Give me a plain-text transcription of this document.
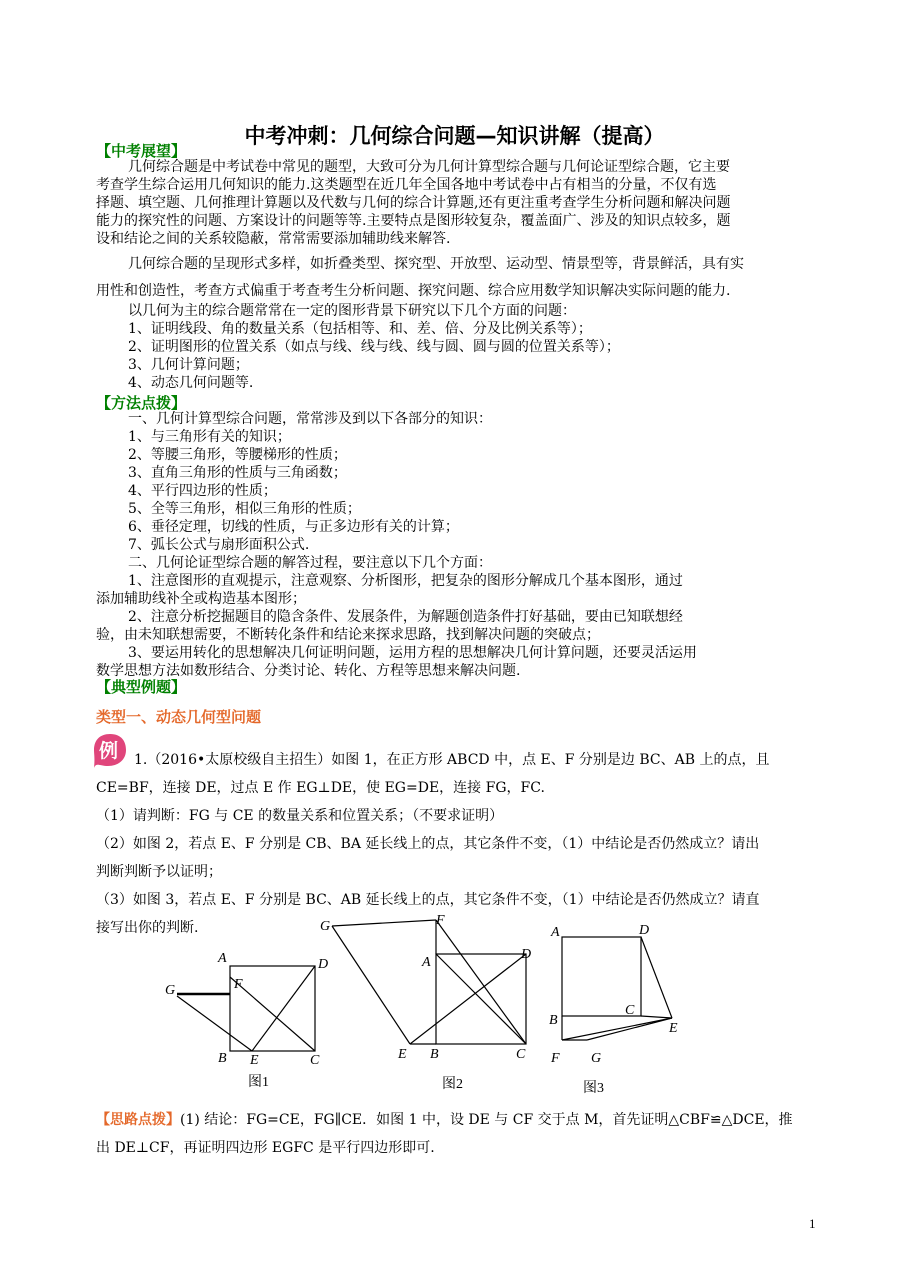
中考冲刺：几何综合问题—知识讲解（提高）
【中考展望】
几何综合题是中考试卷中常见的题型，大致可分为几何计算型综合题与几何论证型综合题，它主要
考查学生综合运用几何知识的能力.这类题型在近几年全国各地中考试卷中占有相当的分量，不仅有选
择题、填空题、几何推理计算题以及代数与几何的综合计算题,还有更注重考查学生分析问题和解决问题
能力的探究性的问题、方案设计的问题等等.主要特点是图形较复杂，覆盖面广、涉及的知识点较多，题
设和结论之间的关系较隐蔽，常常需要添加辅助线来解答.
几何综合题的呈现形式多样，如折叠类型、探究型、开放型、运动型、情景型等，背景鲜活，具有实
用性和创造性，考查方式偏重于考查考生分析问题、探究问题、综合应用数学知识解决实际问题的能力.
以几何为主的综合题常常在一定的图形背景下研究以下几个方面的问题：
1、证明线段、角的数量关系（包括相等、和、差、倍、分及比例关系等）；
2、证明图形的位置关系（如点与线、线与线、线与圆、圆与圆的位置关系等）；
3、几何计算问题；
4、动态几何问题等.
【方法点拨】
一、几何计算型综合问题，常常涉及到以下各部分的知识：
1、与三角形有关的知识；
2、等腰三角形，等腰梯形的性质；
3、直角三角形的性质与三角函数；
4、平行四边形的性质；
5、全等三角形，相似三角形的性质；
6、垂径定理，切线的性质，与正多边形有关的计算；
7、弧长公式与扇形面积公式.
二、几何论证型综合题的解答过程，要注意以下几个方面：
1、注意图形的直观提示，注意观察、分析图形，把复杂的图形分解成几个基本图形，通过
添加辅助线补全或构造基本图形；
2、注意分析挖掘题目的隐含条件、发展条件，为解题创造条件打好基础，要由已知联想经
验，由未知联想需要，不断转化条件和结论来探求思路，找到解决问题的突破点；
3、要运用转化的思想解决几何证明问题，运用方程的思想解决几何计算问题，还要灵活运用
数学思想方法如数形结合、分类讨论、转化、方程等思想来解决问题.
【典型例题】
类型一、动态几何型问题
例 1.（2016•太原校级自主招生）如图 1，在正方形 ABCD 中，点 E、F 分别是边 BC、AB 上的点，且
CE=BF，连接 DE，过点 E 作 EG⊥DE，使 EG=DE，连接 FG，FC.
（1）请判断：FG 与 CE 的数量关系和位置关系；（不要求证明）
（2）如图 2，若点 E、F 分别是 CB、BA 延长线上的点，其它条件不变，（1）中结论是否仍然成立？请出
判断判断予以证明；
（3）如图 3，若点 E、F 分别是 BC、AB 延长线上的点，其它条件不变，（1）中结论是否仍然成立？请直
接写出你的判断.
A	D
F
G
B E	C
图1
G	F
A
D
E B	C
图2
A	D
C
B
E
F G
图3
【思路点拨】(1) 结论：FG=CE，FG∥CE．如图 1 中，设 DE 与 CF 交于点 M，首先证明△CBF≌△DCE，推
出 DE⊥CF，再证明四边形 EGFC 是平行四边形即可.
1
